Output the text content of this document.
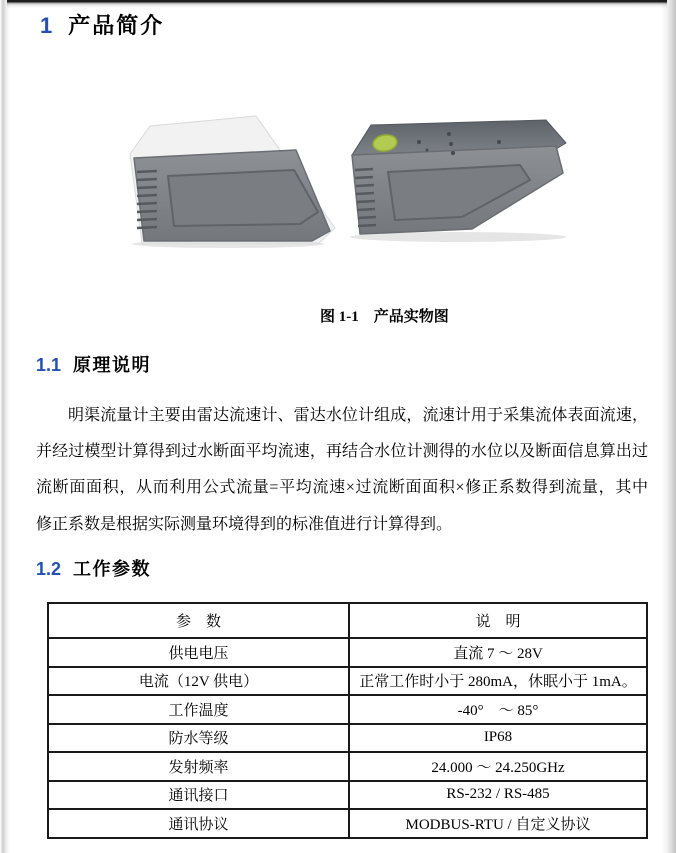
1 产品简介
图 1-1　产品实物图
1.1 原理说明
明渠流量计主要由雷达流速计、雷达水位计组成，流速计用于采集流体表面流速，
并经过模型计算得到过水断面平均流速，再结合水位计测得的水位以及断面信息算出过
流断面面积，从而利用公式流量=平均流速×过流断面面积×修正系数得到流量，其中
修正系数是根据实际测量环境得到的标准值进行计算得到。
1.2 工作参数
参　数	说　明
供电电压	直流 7 ～ 28V
电流（12V 供电）	正常工作时小于 280mA，休眠小于 1mA。
工作温度	-40°　～ 85°
防水等级	IP68
发射频率	24.000 ～ 24.250GHz
通讯接口	RS-232 / RS-485
通讯协议	MODBUS-RTU / 自定义协议
